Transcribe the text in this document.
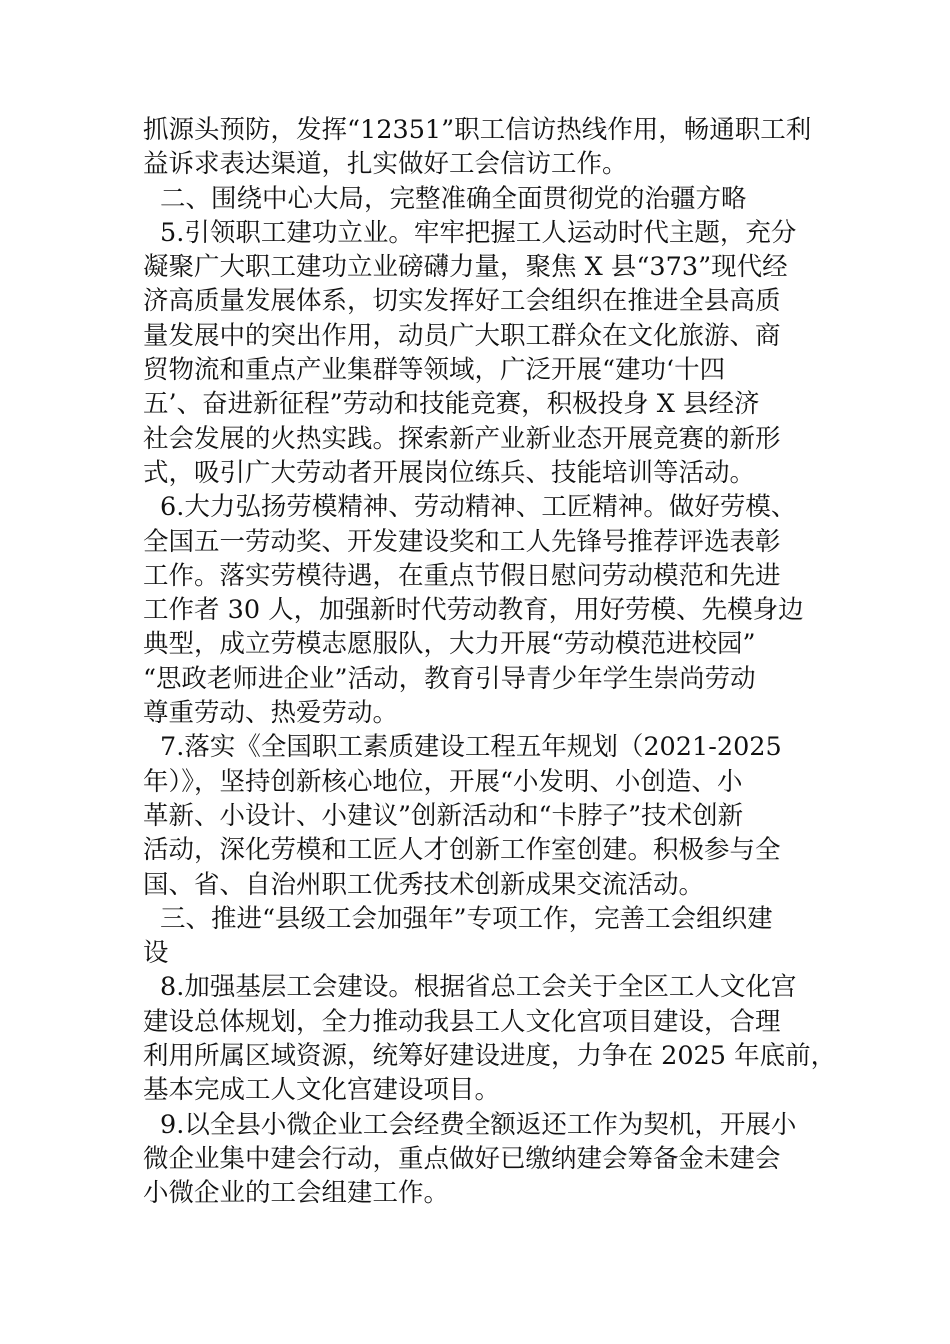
抓源头预防，发挥“12351”职工信访热线作用，畅通职工利
益诉求表达渠道，扎实做好工会信访工作。
二、围绕中心大局，完整准确全面贯彻党的治疆方略
5.引领职工建功立业。牢牢把握工人运动时代主题，充分
凝聚广大职工建功立业磅礴力量，聚焦 X 县“373”现代经
济高质量发展体系，切实发挥好工会组织在推进全县高质
量发展中的突出作用，动员广大职工群众在文化旅游、商
贸物流和重点产业集群等领域，广泛开展“建功‘十四
五’、奋进新征程”劳动和技能竞赛，积极投身 X 县经济
社会发展的火热实践。探索新产业新业态开展竞赛的新形
式，吸引广大劳动者开展岗位练兵、技能培训等活动。
6.大力弘扬劳模精神、劳动精神、工匠精神。做好劳模、
全国五一劳动奖、开发建设奖和工人先锋号推荐评选表彰
工作。落实劳模待遇，在重点节假日慰问劳动模范和先进
工作者 30 人，加强新时代劳动教育，用好劳模、先模身边
典型，成立劳模志愿服队，大力开展“劳动模范进校园”
“思政老师进企业”活动，教育引导青少年学生崇尚劳动
尊重劳动、热爱劳动。
7.落实《全国职工素质建设工程五年规划（2021-2025
年）》，坚持创新核心地位，开展“小发明、小创造、小
革新、小设计、小建议”创新活动和“卡脖子”技术创新
活动，深化劳模和工匠人才创新工作室创建。积极参与全
国、省、自治州职工优秀技术创新成果交流活动。
三、推进“县级工会加强年”专项工作，完善工会组织建
设
8.加强基层工会建设。根据省总工会关于全区工人文化宫
建设总体规划，全力推动我县工人文化宫项目建设，合理
利用所属区域资源，统筹好建设进度，力争在 2025 年底前，
基本完成工人文化宫建设项目。
9.以全县小微企业工会经费全额返还工作为契机，开展小
微企业集中建会行动，重点做好已缴纳建会筹备金未建会
小微企业的工会组建工作。
